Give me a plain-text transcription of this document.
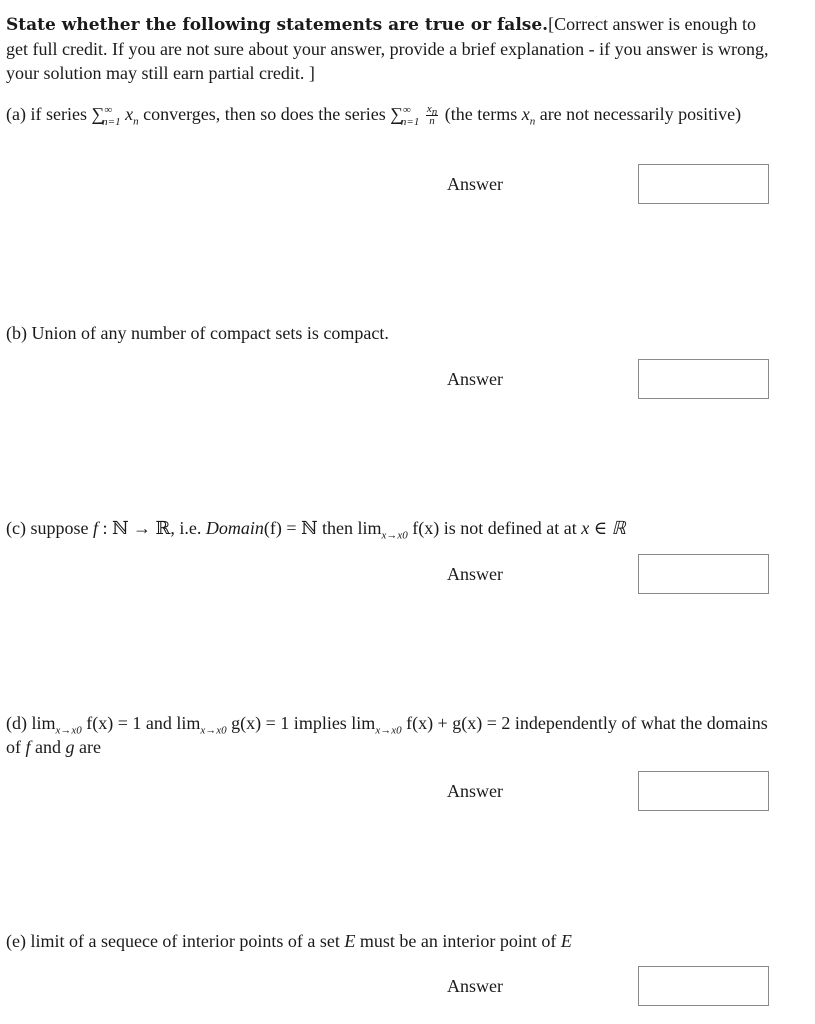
State whether the following statements are true or false.[Correct answer is enough to get full credit. If you are not sure about your answer, provide a brief explanation - if you answer is wrong, your solution may still earn partial credit. ]
(a) if series $\sum^\infty_{n=1}$ $x_n$ converges, then so does the series $\sum^\infty_{n=1} \frac{x_n}{n} (the$ terms $x_n$ are not necessarily positive)
Answer
(b) Union of any number of compact sets is compact.
Answer
(c) suppose f : ℕ → ℝ, i.e. Domain(f) = ℕ then $\lim_{x\to x0} f(x)$ is not defined at at x ∈ ℝ
Answer
(d) $\lim_{x\to x0} f(x) = 1$ and $\lim_{x\to x0} g(x) = 1$ implies $\lim_{x\to x0} f(x) + g(x) = 2$ independently of what the domains of f and g are
Answer
(e) limit of a sequece of interior points of a set E must be an interior point of E
Answer
